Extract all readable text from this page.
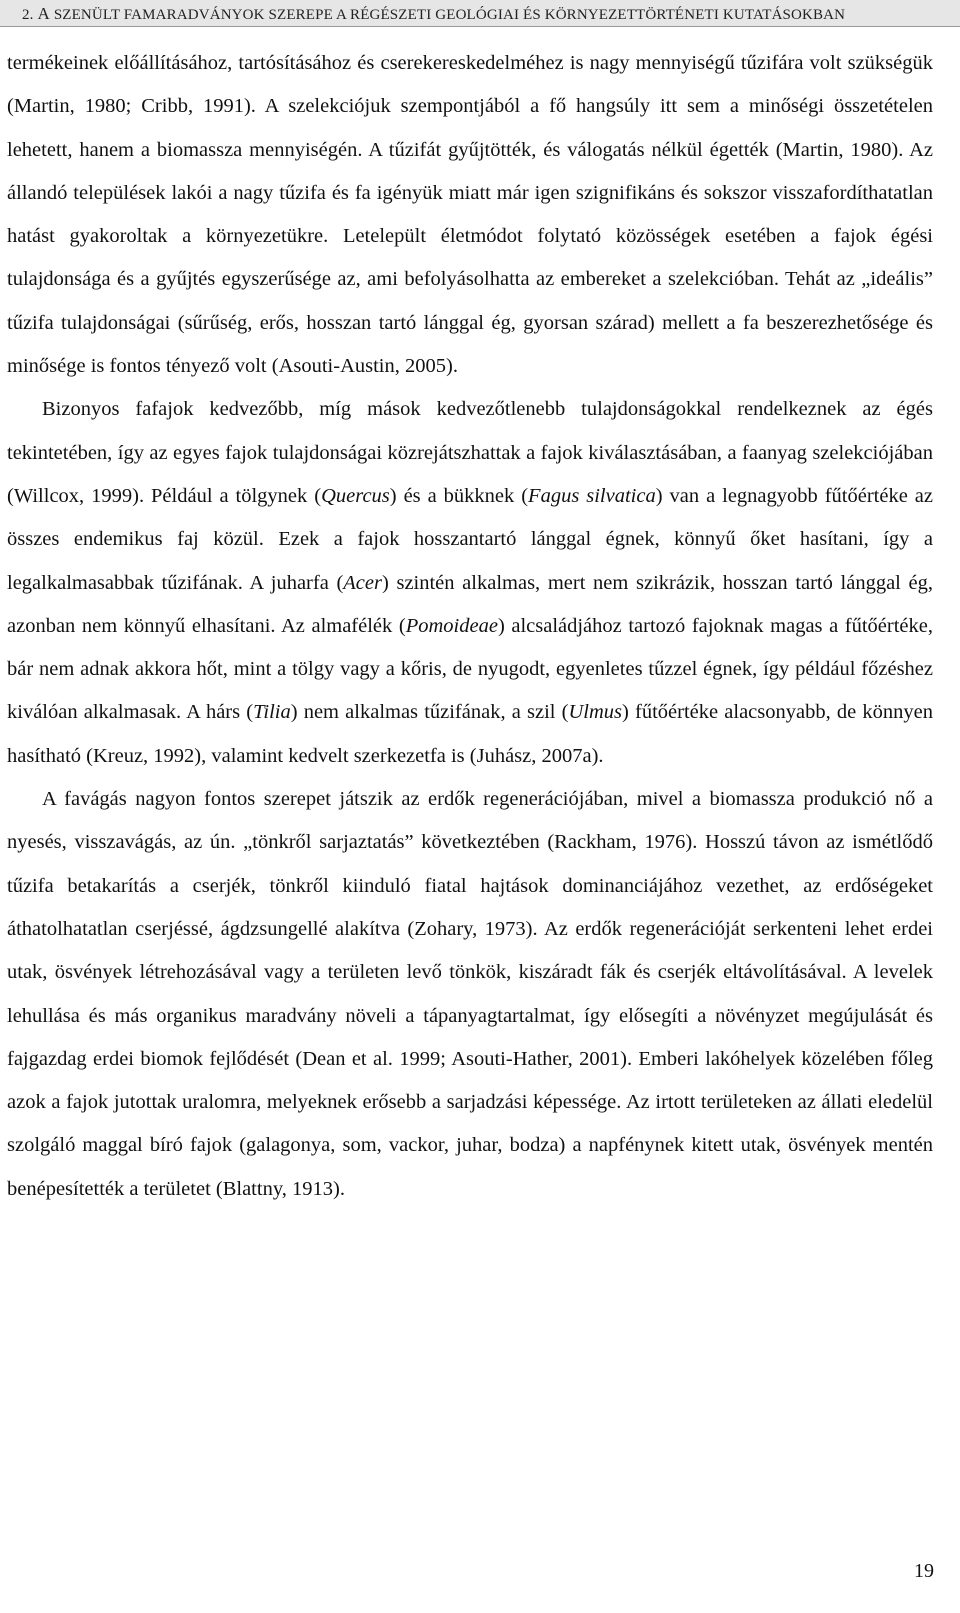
2. A SZENÜLT FAMARADVÁNYOK SZEREPE A RÉGÉSZETI GEOLÓGIAI ÉS KÖRNYEZETTÖRTÉNETI KUTATÁSOKBAN

termékeinek előállításához, tartósításához és cserekereskedelméhez is nagy mennyiségű tűzifára volt szükségük (Martin, 1980; Cribb, 1991). A szelekciójuk szempontjából a fő hangsúly itt sem a minőségi összetételen lehetett, hanem a biomassza mennyiségén. A tűzifát gyűjtötték, és válogatás nélkül égették (Martin, 1980). Az állandó települések lakói a nagy tűzifa és fa igényük miatt már igen szignifikáns és sokszor visszafordíthatatlan hatást gyakoroltak a környezetükre. Letelepült életmódot folytató közösségek esetében a fajok égési tulajdonsága és a gyűjtés egyszerűsége az, ami befolyásolhatta az embereket a szelekcióban. Tehát az „ideális” tűzifa tulajdonságai (sűrűség, erős, hosszan tartó lánggal ég, gyorsan szárad) mellett a fa beszerezhetősége és minősége is fontos tényező volt (Asouti-Austin, 2005).

Bizonyos fafajok kedvezőbb, míg mások kedvezőtlenebb tulajdonságokkal rendelkeznek az égés tekintetében, így az egyes fajok tulajdonságai közrejátszhattak a fajok kiválasztásában, a faanyag szelekciójában (Willcox, 1999). Például a tölgynek (Quercus) és a bükknek (Fagus silvatica) van a legnagyobb fűtőértéke az összes endemikus faj közül. Ezek a fajok hosszantartó lánggal égnek, könnyű őket hasítani, így a legalkalmasabbak tűzifának. A juharfa (Acer) szintén alkalmas, mert nem szikrázik, hosszan tartó lánggal ég, azonban nem könnyű elhasítani. Az almafélék (Pomoideae) alcsaládjához tartozó fajoknak magas a fűtőértéke, bár nem adnak akkora hőt, mint a tölgy vagy a kőris, de nyugodt, egyenletes tűzzel égnek, így például főzéshez kiválóan alkalmasak. A hárs (Tilia) nem alkalmas tűzifának, a szil (Ulmus) fűtőértéke alacsonyabb, de könnyen hasítható (Kreuz, 1992), valamint kedvelt szerkezetfa is (Juhász, 2007a).

A favágás nagyon fontos szerepet játszik az erdők regenerációjában, mivel a biomassza produkció nő a nyesés, visszavágás, az ún. „tönkről sarjaztatás” következtében (Rackham, 1976). Hosszú távon az ismétlődő tűzifa betakarítás a cserjék, tönkről kiinduló fiatal hajtások dominanciájához vezethet, az erdőségeket áthatolhatatlan cserjéssé, ágdzsungellé alakítva (Zohary, 1973). Az erdők regenerációját serkenteni lehet erdei utak, ösvények létrehozásával vagy a területen levő tönkök, kiszáradt fák és cserjék eltávolításával. A levelek lehullása és más organikus maradvány növeli a tápanyagtartalmat, így elősegíti a növényzet megújulását és fajgazdag erdei biomok fejlődését (Dean et al. 1999; Asouti-Hather, 2001). Emberi lakóhelyek közelében főleg azok a fajok jutottak uralomra, melyeknek erősebb a sarjadzási képessége. Az irtott területeken az állati eledelül szolgáló maggal bíró fajok (galagonya, som, vackor, juhar, bodza) a napfénynek kitett utak, ösvények mentén benépesítették a területet (Blattny, 1913).

19
